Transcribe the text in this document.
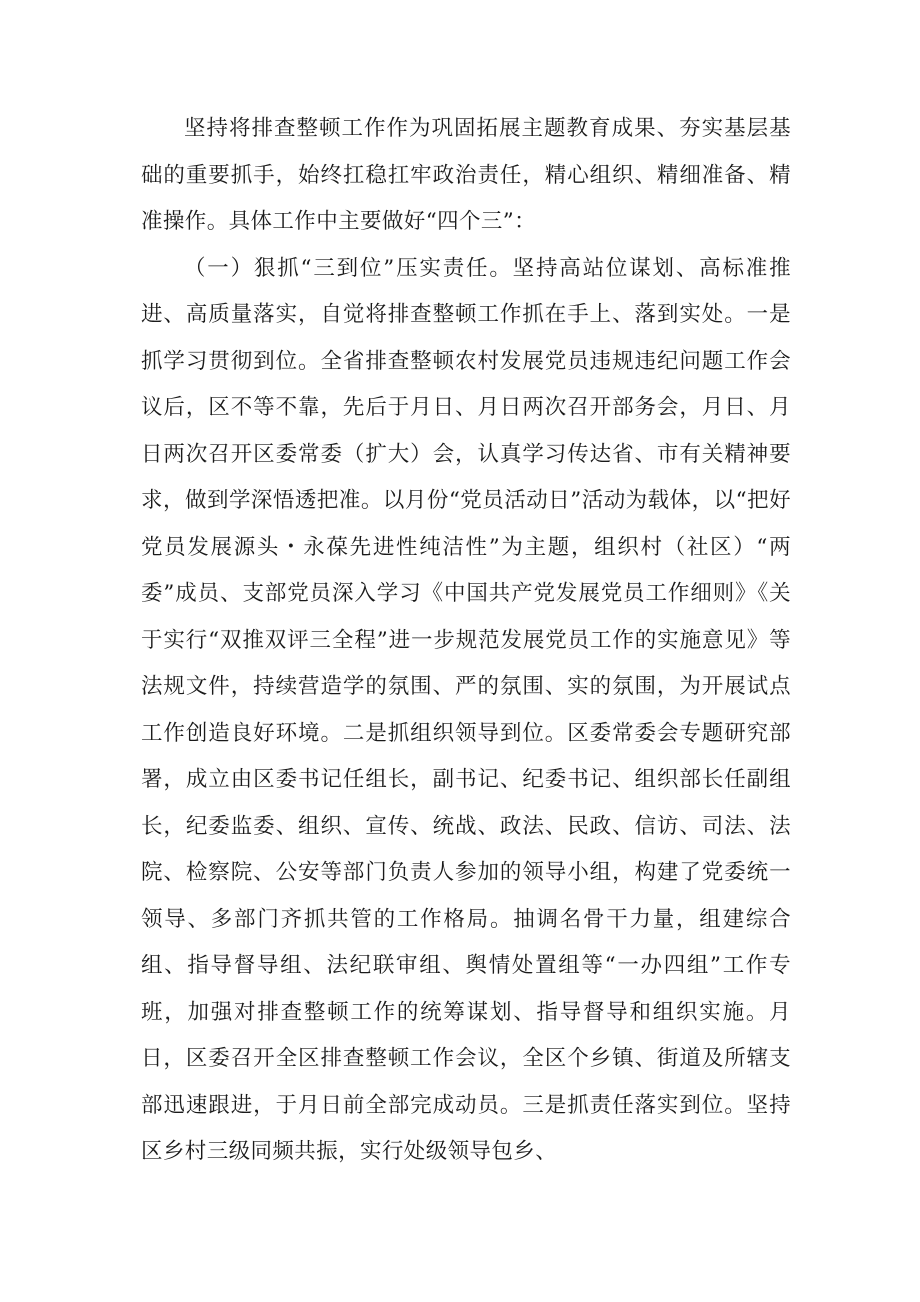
坚持将排查整顿工作作为巩固拓展主题教育成果、夯实基层基础的重要抓手，始终扛稳扛牢政治责任，精心组织、精细准备、精准操作。具体工作中主要做好“四个三”：

（一）狠抓“三到位”压实责任。坚持高站位谋划、高标准推进、高质量落实，自觉将排查整顿工作抓在手上、落到实处。一是抓学习贯彻到位。全省排查整顿农村发展党员违规违纪问题工作会议后，区不等不靠，先后于月日、月日两次召开部务会，月日、月日两次召开区委常委（扩大）会，认真学习传达省、市有关精神要求，做到学深悟透把准。以月份“党员活动日”活动为载体，以“把好党员发展源头・永葆先进性纯洁性”为主题，组织村（社区）“两委”成员、支部党员深入学习《中国共产党发展党员工作细则》《关于实行“双推双评三全程”进一步规范发展党员工作的实施意见》等法规文件，持续营造学的氛围、严的氛围、实的氛围，为开展试点工作创造良好环境。二是抓组织领导到位。区委常委会专题研究部署，成立由区委书记任组长，副书记、纪委书记、组织部长任副组长，纪委监委、组织、宣传、统战、政法、民政、信访、司法、法院、检察院、公安等部门负责人参加的领导小组，构建了党委统一领导、多部门齐抓共管的工作格局。抽调名骨干力量，组建综合组、指导督导组、法纪联审组、舆情处置组等“一办四组”工作专班，加强对排查整顿工作的统筹谋划、指导督导和组织实施。月日，区委召开全区排查整顿工作会议，全区个乡镇、街道及所辖支部迅速跟进，于月日前全部完成动员。三是抓责任落实到位。坚持区乡村三级同频共振，实行处级领导包乡、
